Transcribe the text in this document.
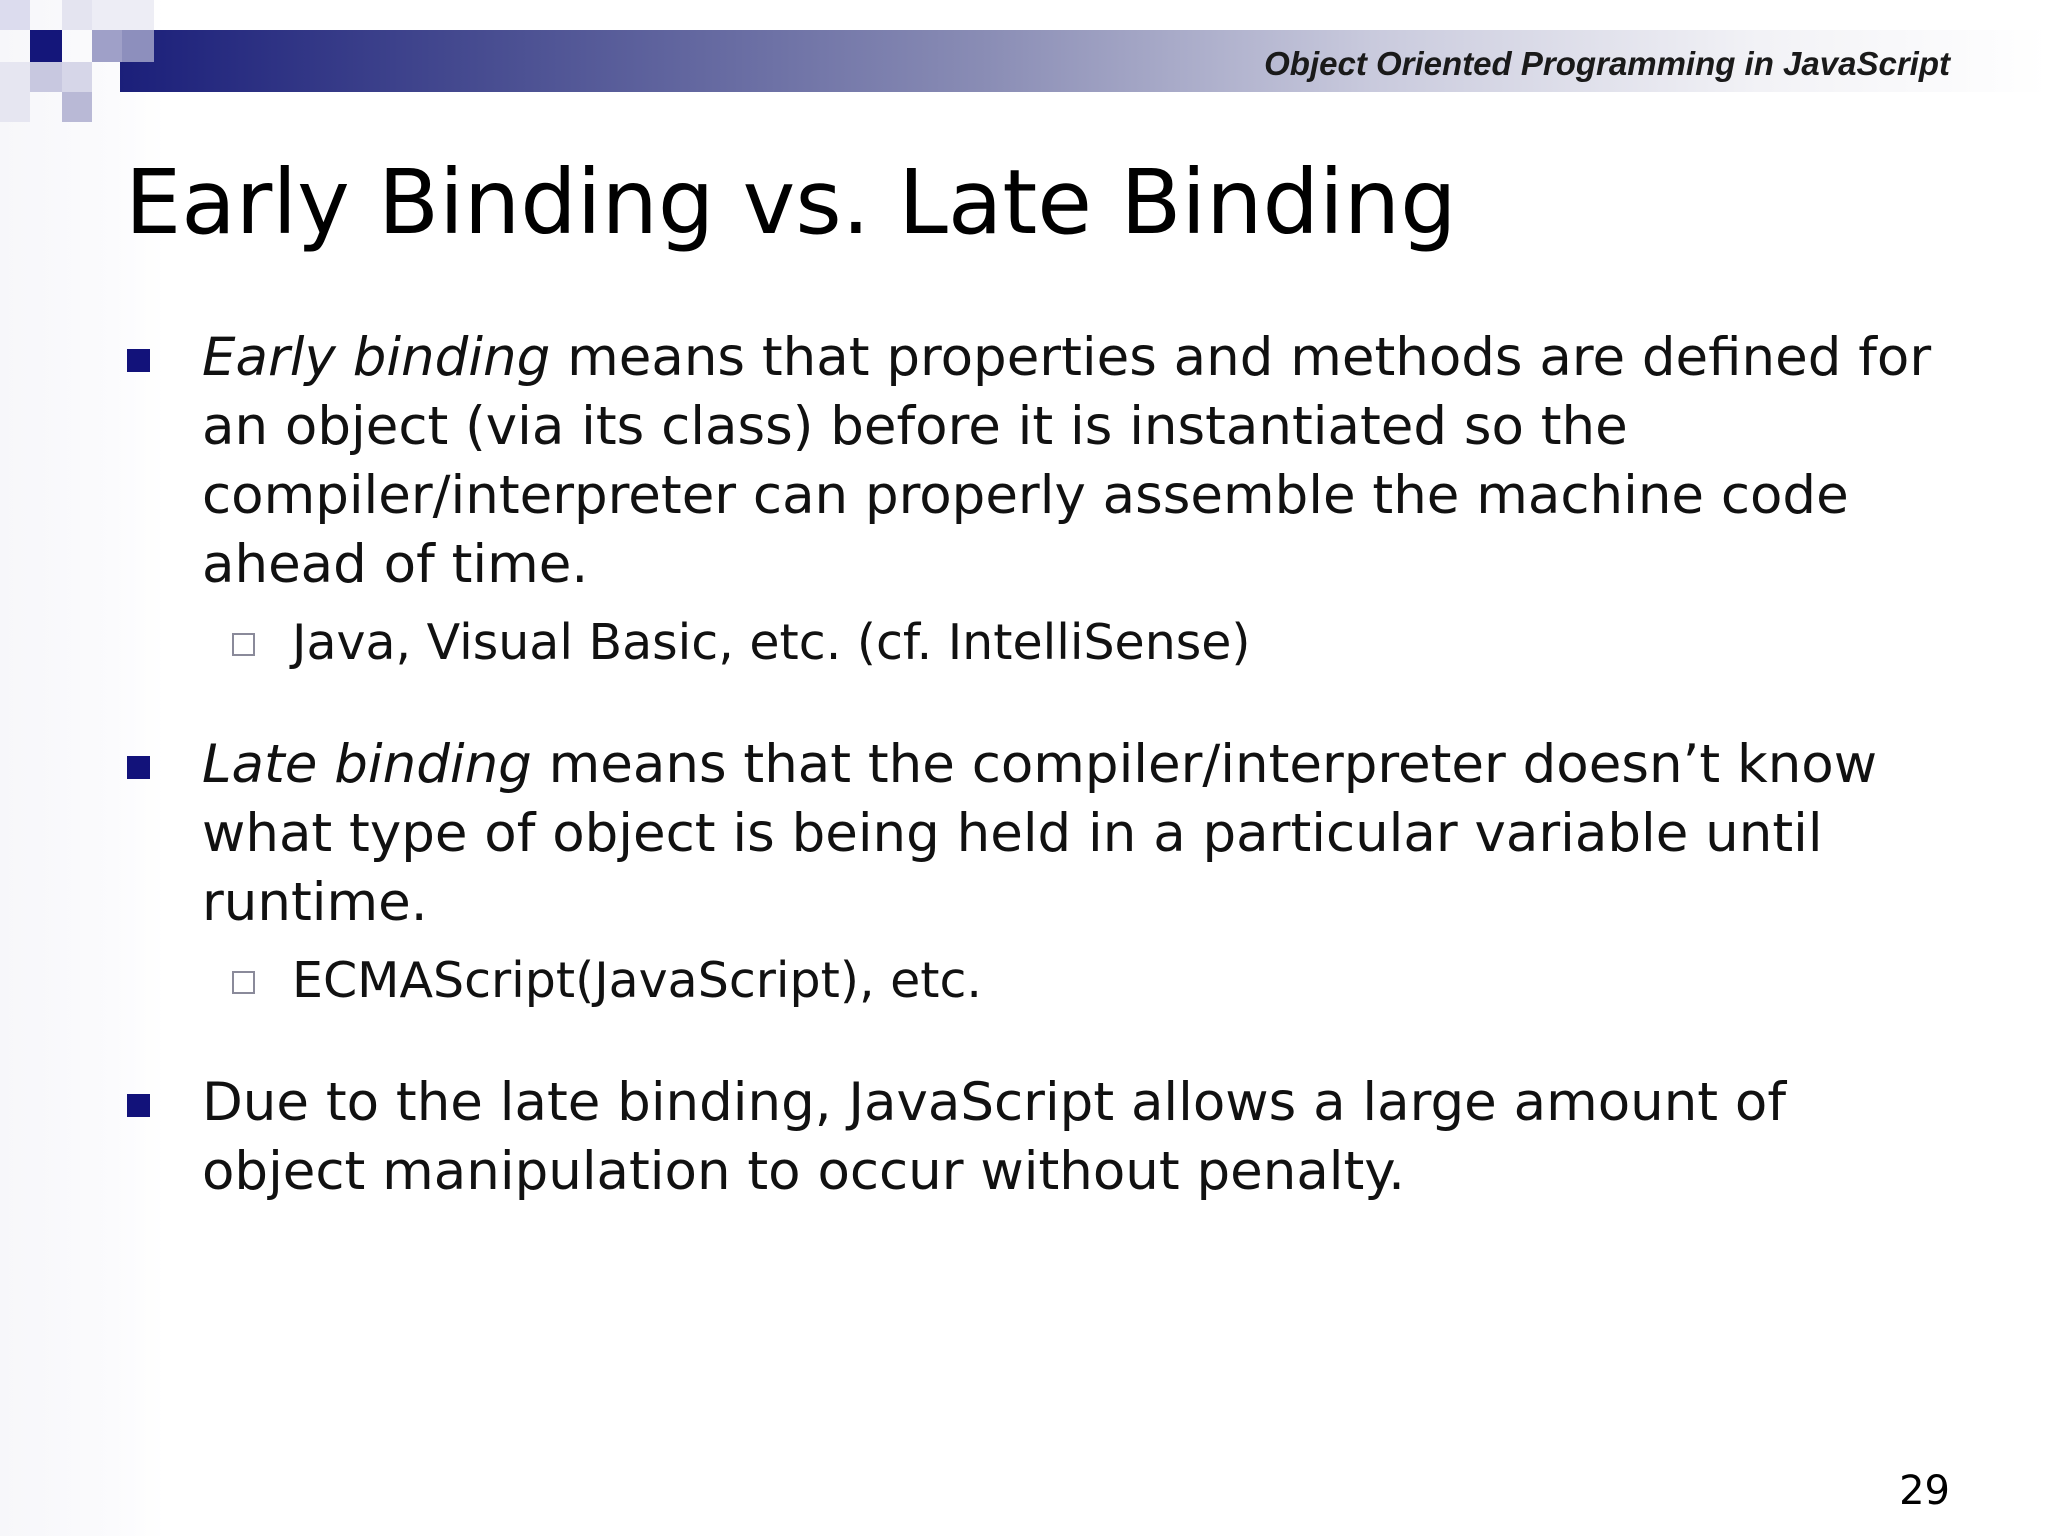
Object Oriented Programming in JavaScript
Early Binding vs. Late Binding
Early binding means that properties and methods are defined for an object (via its class) before it is instantiated so the compiler/interpreter can properly assemble the machine code ahead of time.
Java, Visual Basic, etc. (cf. IntelliSense)
Late binding means that the compiler/interpreter doesn’t know what type of object is being held in a particular variable until runtime.
ECMAScript(JavaScript), etc.
Due to the late binding, JavaScript allows a large amount of object manipulation to occur without penalty.
29
